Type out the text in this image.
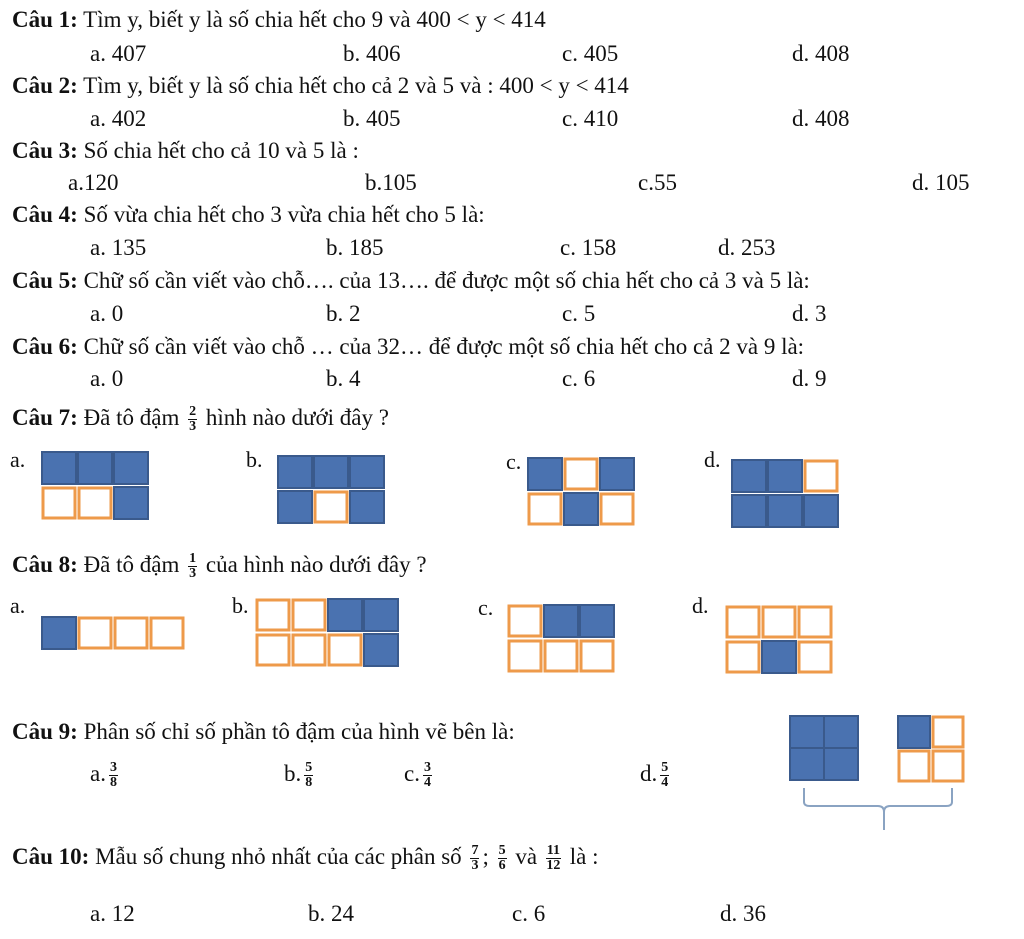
Câu 1: Tìm y, biết y là số chia hết cho 9 và 400 < y < 414
a. 407	b. 406	c. 405	d. 408
Câu 2: Tìm y, biết y là số chia hết cho cả 2 và 5 và : 400 < y < 414
a. 402	b. 405	c. 410	d. 408
Câu 3: Số chia hết cho cả 10 và 5 là :
a.120	b.105	c.55	d. 105
Câu 4: Số vừa chia hết cho 3 vừa chia hết cho 5 là:
a. 135	b. 185	c. 158	d. 253
Câu 5: Chữ số cần viết vào chỗ…. của 13…. để được một số chia hết cho cả 3 và 5 là:
a. 0	b. 2	c. 5	d. 3
Câu 6: Chữ số cần viết vào chỗ … của 32… để được một số chia hết cho cả 2 và 9 là:
a. 0	b. 4	c. 6	d. 9
Câu 7: Đã tô đậm $\frac{2}{3}$ hình nào dưới đây ?
a.	b.	c.	d.
Câu 8: Đã tô đậm $\frac{1}{3}$ của hình nào dưới đây ?
a.	b.	c.	d.
Câu 9: Phân số chỉ số phần tô đậm của hình vẽ bên là:
a. $\frac{3}{8}$	b. $\frac{5}{8}$	c. $\frac{3}{4}$	d. $\frac{5}{4}$
Câu 10: Mẫu số chung nhỏ nhất của các phân số $\frac{7}{3}$ ; $\frac{5}{6}$ và $\frac{11}{12}$ là :
a. 12	b. 24	c. 6	d. 36
